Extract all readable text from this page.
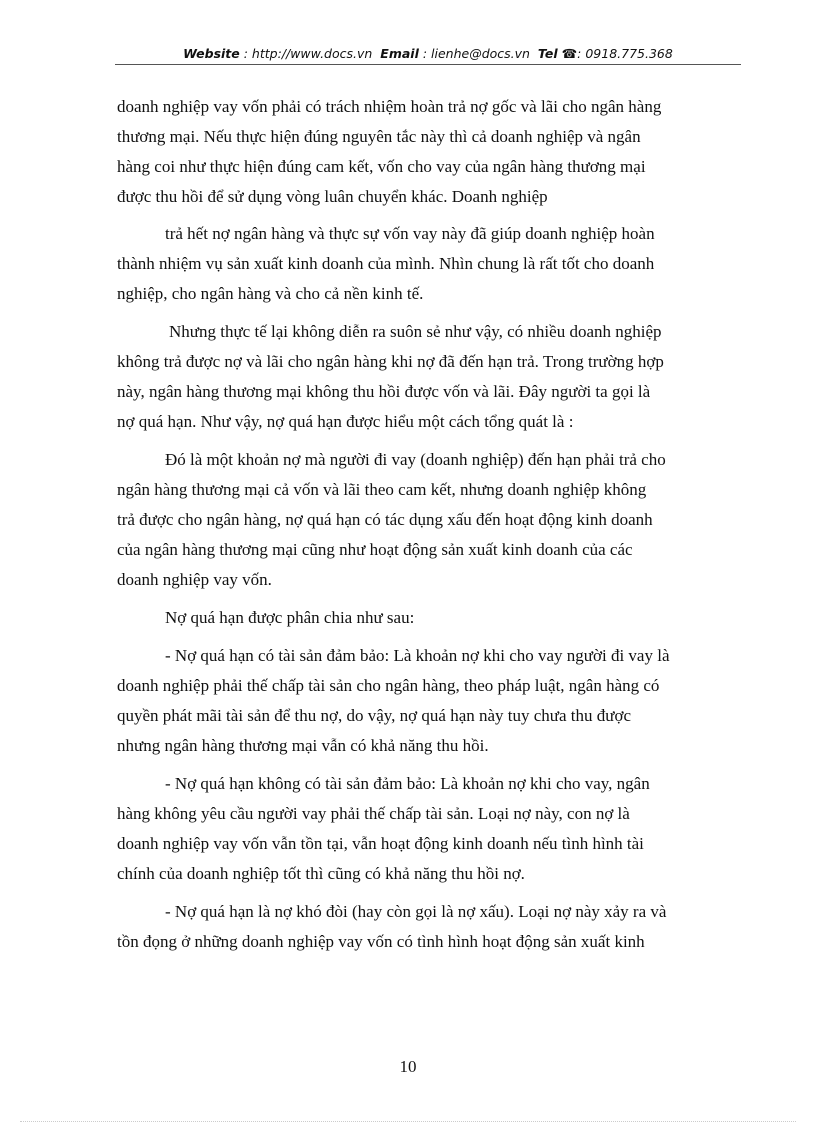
Website : http://www.docs.vn Email : lienhe@docs.vn Tel ☎: 0918.775.368

doanh nghiệp vay vốn phải có trách nhiệm hoàn trả nợ gốc và lãi cho ngân hàng
thương mại. Nếu thực hiện đúng nguyên tắc này thì cả doanh nghiệp và ngân
hàng coi như thực hiện đúng cam kết, vốn cho vay của ngân hàng thương mại
được thu hồi để sử dụng vòng luân chuyển khác. Doanh nghiệp

trả hết nợ ngân hàng và thực sự vốn vay này đã giúp doanh nghiệp hoàn
thành nhiệm vụ sản xuất kinh doanh của mình. Nhìn chung là rất tốt cho doanh
nghiệp, cho ngân hàng và cho cả nền kinh tế.

Nhưng thực tế lại không diễn ra suôn sẻ như vậy, có nhiều doanh nghiệp
không trả được nợ và lãi cho ngân hàng khi nợ đã đến hạn trả. Trong trường hợp
này, ngân hàng thương mại không thu hồi được vốn và lãi. Đây người ta gọi là
nợ quá hạn. Như vậy, nợ quá hạn được hiểu một cách tổng quát là :

Đó là một khoản nợ mà người đi vay (doanh nghiệp) đến hạn phải trả cho
ngân hàng thương mại cả vốn và lãi theo cam kết, nhưng doanh nghiệp không
trả được cho ngân hàng, nợ quá hạn có tác dụng xấu đến hoạt động kinh doanh
của ngân hàng thương mại cũng như hoạt động sản xuất kinh doanh của các
doanh nghiệp vay vốn.

Nợ quá hạn được phân chia như sau:

- Nợ quá hạn có tài sản đảm bảo: Là khoản nợ khi cho vay người đi vay là
doanh nghiệp phải thế chấp tài sản cho ngân hàng, theo pháp luật, ngân hàng có
quyền phát mãi tài sản để thu nợ, do vậy, nợ quá hạn này tuy chưa thu được
nhưng ngân hàng thương mại vẫn có khả năng thu hồi.

- Nợ quá hạn không có tài sản đảm bảo: Là khoản nợ khi cho vay, ngân
hàng không yêu cầu người vay phải thế chấp tài sản. Loại nợ này, con nợ là
doanh nghiệp vay vốn vẫn tồn tại, vẫn hoạt động kinh doanh nếu tình hình tài
chính của doanh nghiệp tốt thì cũng có khả năng thu hồi nợ.

- Nợ quá hạn là nợ khó đòi (hay còn gọi là nợ xấu). Loại nợ này xảy ra và
tồn đọng ở những doanh nghiệp vay vốn có tình hình hoạt động sản xuất kinh

10
